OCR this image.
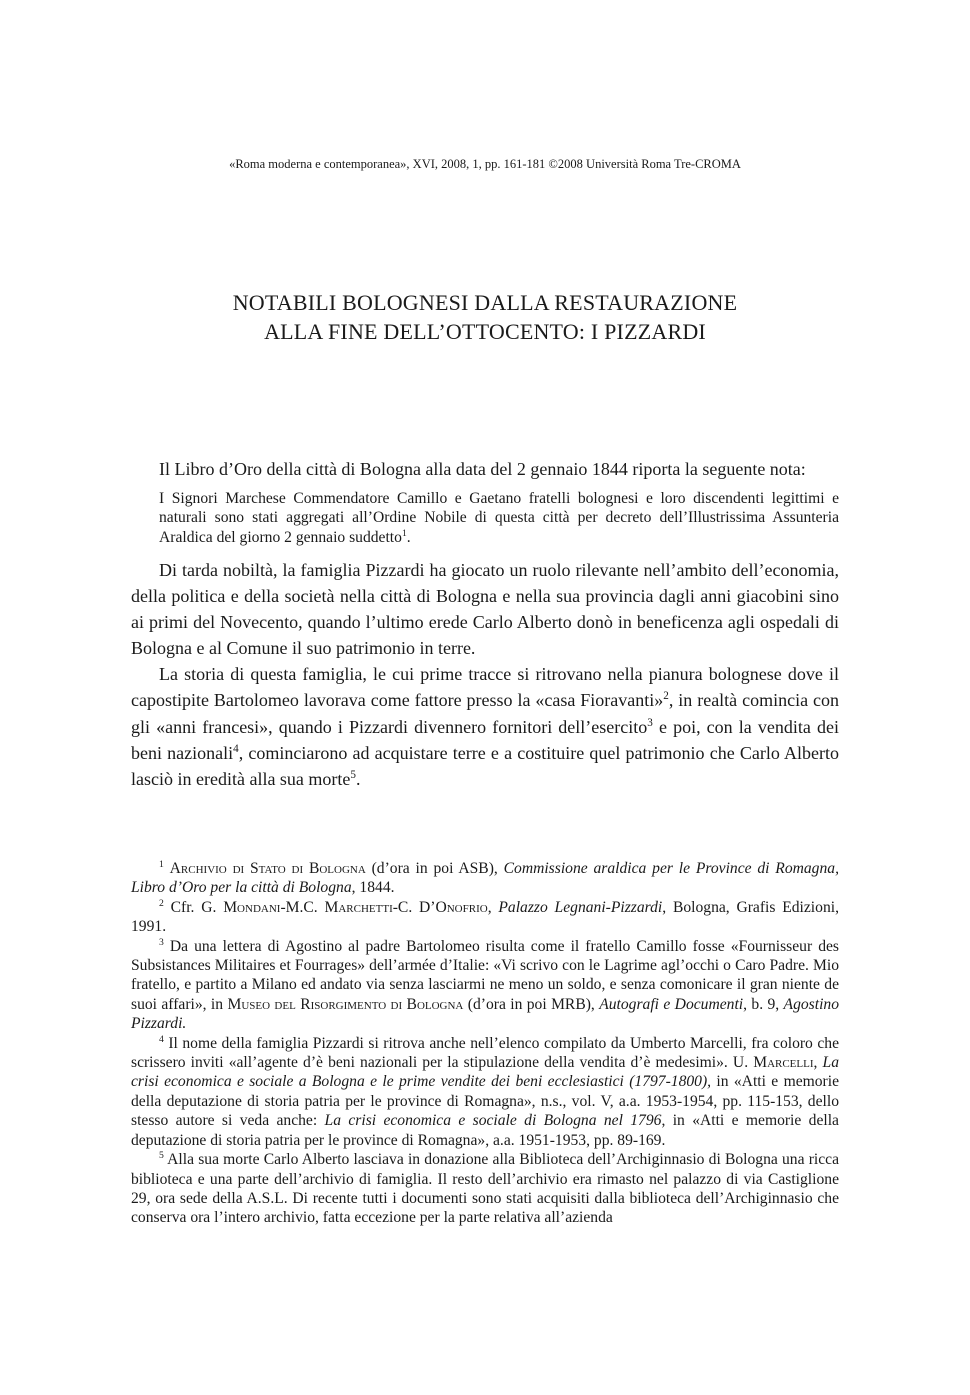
«Roma moderna e contemporanea», XVI, 2008, 1, pp. 161-181 ©2008 Università Roma Tre-CROMA
NOTABILI BOLOGNESI DALLA RESTAURAZIONE
ALLA FINE DELL’OTTOCENTO: I PIZZARDI

Il Libro d’Oro della città di Bologna alla data del 2 gennaio 1844 riporta la seguente nota:

I Signori Marchese Commendatore Camillo e Gaetano fratelli bolognesi e loro discendenti legittimi e naturali sono stati aggregati all’Ordine Nobile di questa città per decreto dell’Illustrissima Assunteria Araldica del giorno 2 gennaio suddetto$^1$.

Di tarda nobiltà, la famiglia Pizzardi ha giocato un ruolo rilevante nell’ambito dell’economia, della politica e della società nella città di Bologna e nella sua provincia dagli anni giacobini sino ai primi del Novecento, quando l’ultimo erede Carlo Alberto donò in beneficenza agli ospedali di Bologna e al Comune il suo patrimonio in terre.

La storia di questa famiglia, le cui prime tracce si ritrovano nella pianura bolognese dove il capostipite Bartolomeo lavorava come fattore presso la «casa Fioravanti»$^2$, in realtà comincia con gli «anni francesi», quando i Pizzardi divennero fornitori dell’esercito$^3$ e poi, con la vendita dei beni nazionali$^4$, cominciarono ad acquistare terre e a costituire quel patrimonio che Carlo Alberto lasciò in eredità alla sua morte$^5$.

$^1$ Archivio di Stato di Bologna (d’ora in poi ASB), Commissione araldica per le Province di Romagna, Libro d’Oro per la città di Bologna, 1844.

$^2$ Cfr. G. Mondani-M.C. Marchetti-C. D’Onofrio, Palazzo Legnani-Pizzardi, Bologna, Grafis Edizioni, 1991.

$^3$ Da una lettera di Agostino al padre Bartolomeo risulta come il fratello Camillo fosse «Fournisseur des Subsistances Militaires et Fourrages» dell’armée d’Italie: «Vi scrivo con le Lagrime agl’occhi o Caro Padre. Mio fratello, e partito a Milano ed andato via senza lasciarmi ne meno un soldo, e senza comonicare il gran niente de suoi affari», in Museo del Risorgimento di Bologna (d’ora in poi MRB), Autografi e Documenti, b. 9, Agostino Pizzardi.

$^4$ Il nome della famiglia Pizzardi si ritrova anche nell’elenco compilato da Umberto Marcelli, fra coloro che scrissero inviti «all’agente d’è beni nazionali per la stipulazione della vendita d’è medesimi». U. Marcelli, La crisi economica e sociale a Bologna e le prime vendite dei beni ecclesiastici (1797-1800), in «Atti e memorie della deputazione di storia patria per le province di Romagna», n.s., vol. V, a.a. 1953-1954, pp. 115-153, dello stesso autore si veda anche: La crisi economica e sociale di Bologna nel 1796, in «Atti e memorie della deputazione di storia patria per le province di Romagna», a.a. 1951-1953, pp. 89-169.

$^5$ Alla sua morte Carlo Alberto lasciava in donazione alla Biblioteca dell’Archiginnasio di Bologna una ricca biblioteca e una parte dell’archivio di famiglia. Il resto dell’archivio era rimasto nel palazzo di via Castiglione 29, ora sede della A.S.L. Di recente tutti i documenti sono stati acquisiti dalla biblioteca dell’Archiginnasio che conserva ora l’intero archivio, fatta eccezione per la parte relativa all’azienda
